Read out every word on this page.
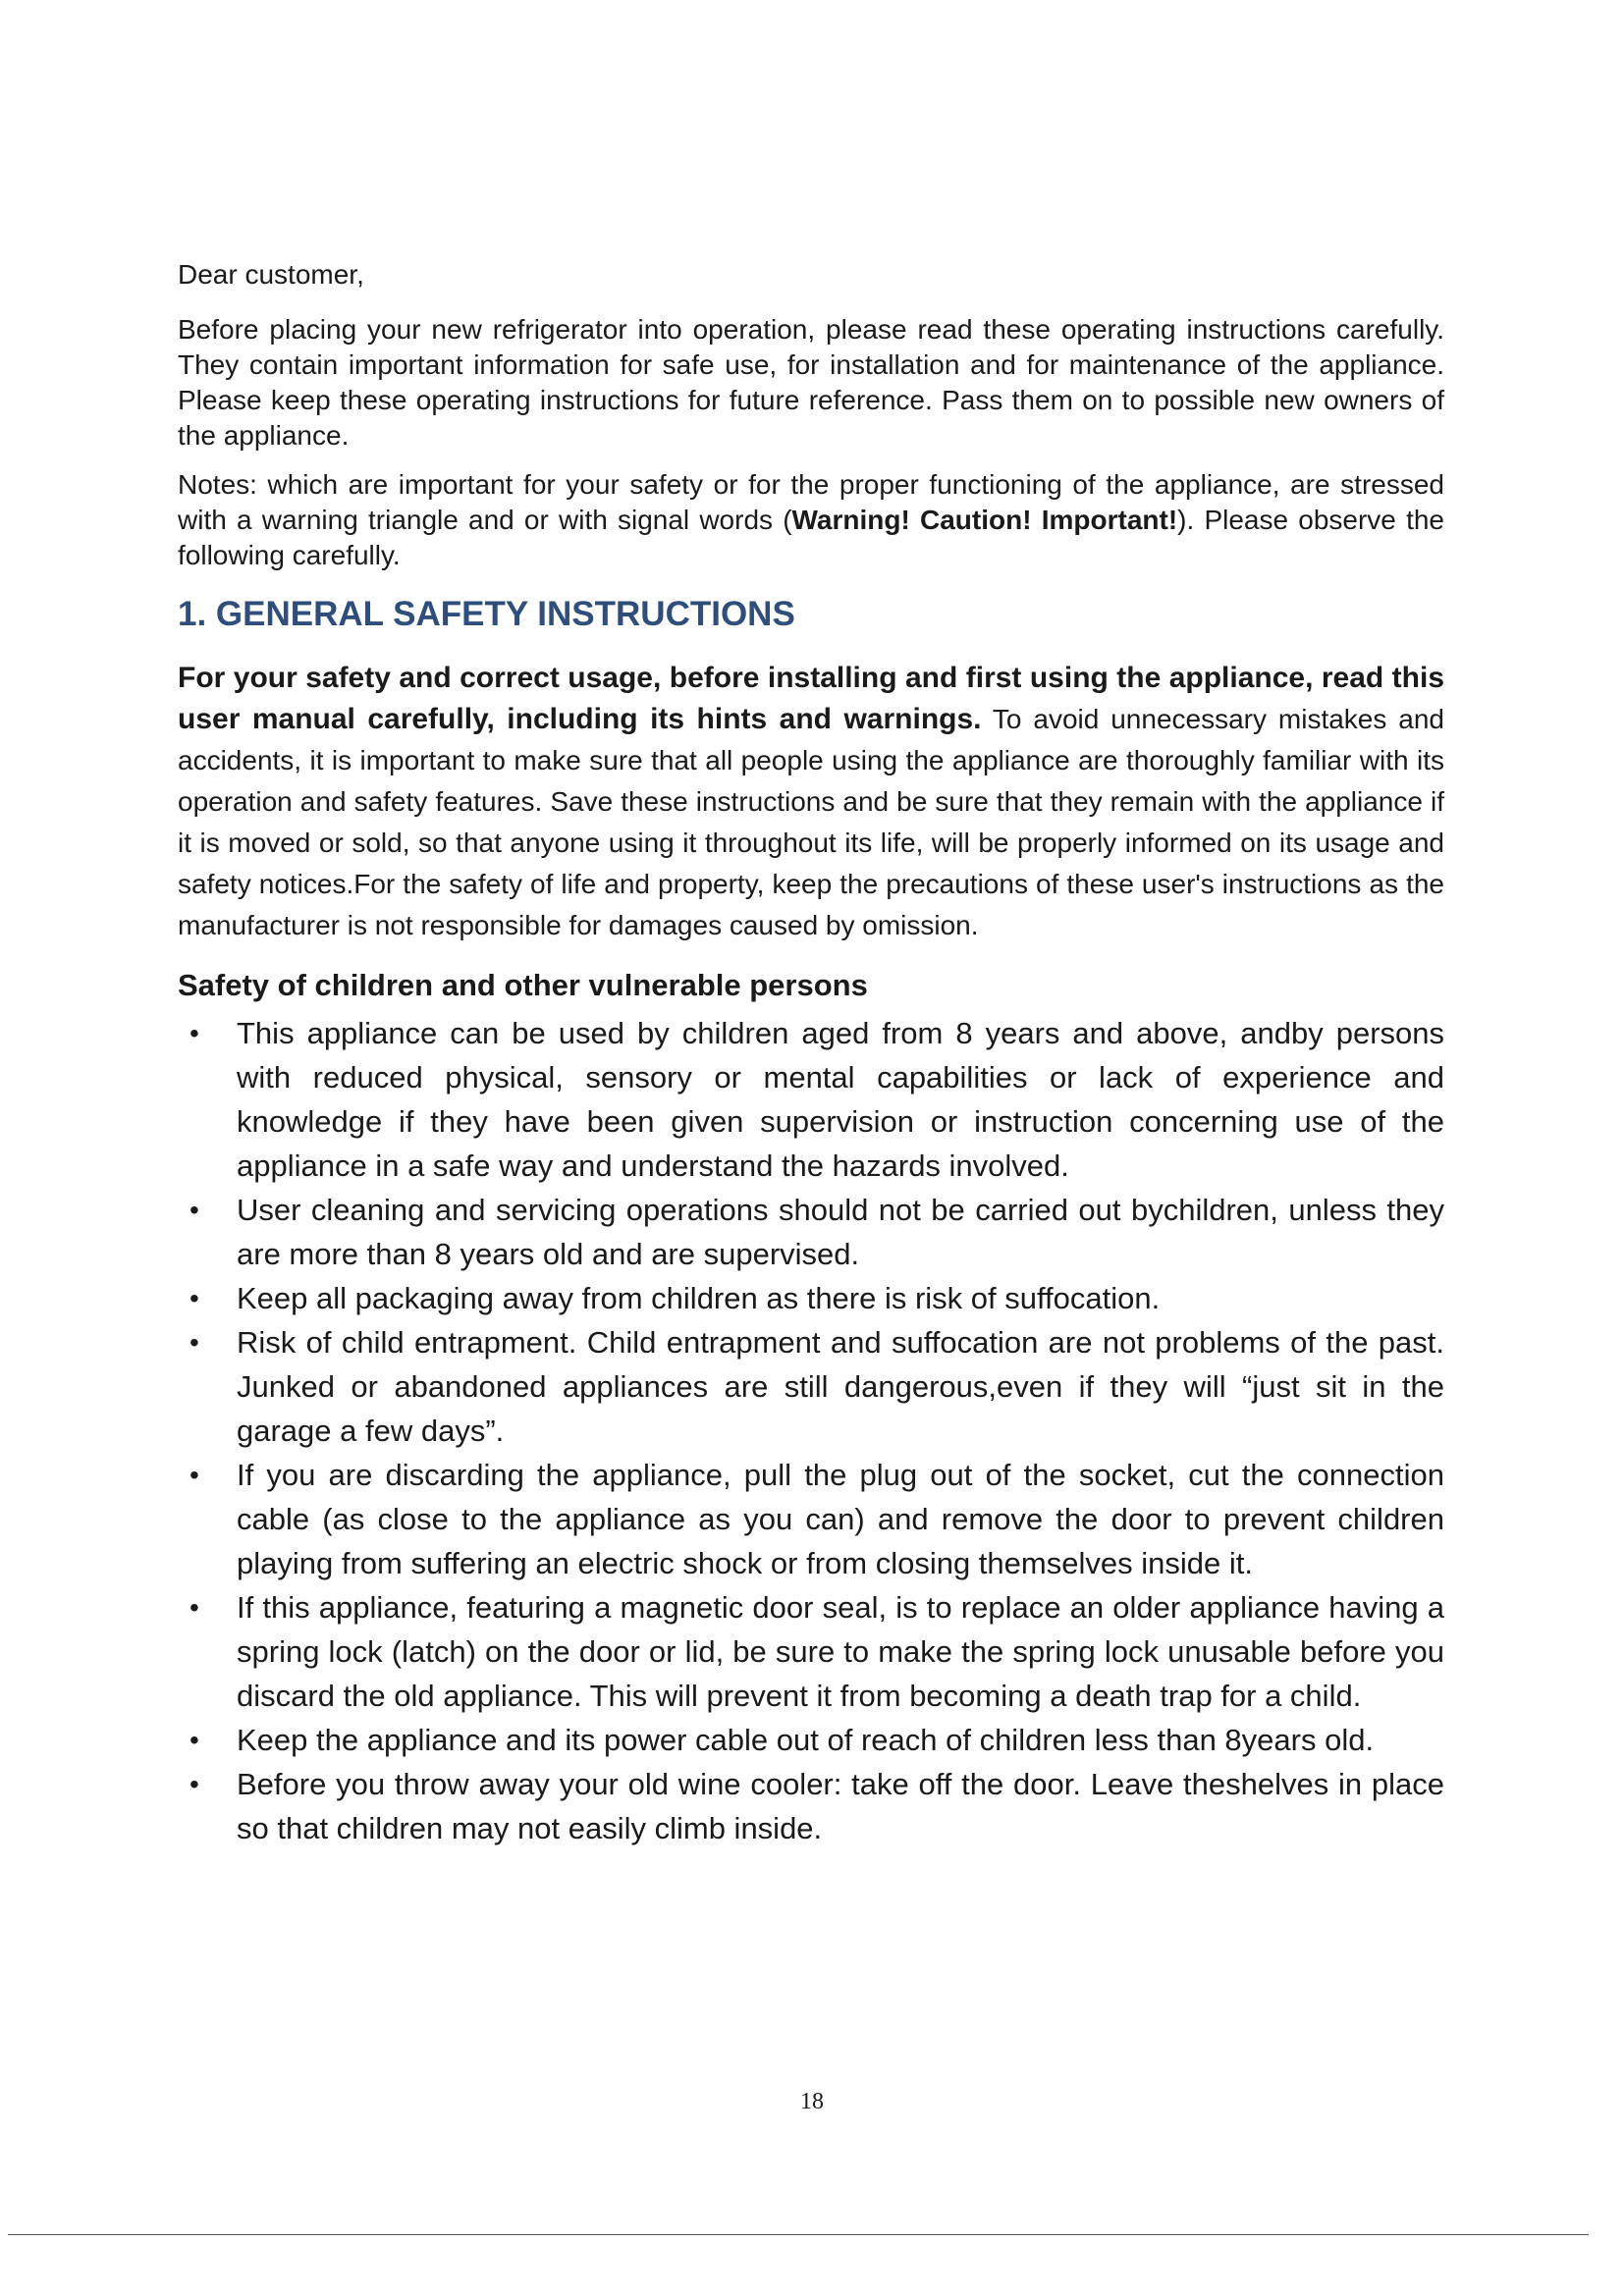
Dear customer,

Before placing your new refrigerator into operation, please read these operating instructions carefully. They contain important information for safe use, for installation and for maintenance of the appliance. Please keep these operating instructions for future reference. Pass them on to possible new owners of the appliance.

Notes: which are important for your safety or for the proper functioning of the appliance, are stressed with a warning triangle and or with signal words (Warning! Caution! Important!). Please observe the following carefully.

1. GENERAL SAFETY INSTRUCTIONS

For your safety and correct usage, before installing and first using the appliance, read this user manual carefully, including its hints and warnings. To avoid unnecessary mistakes and accidents, it is important to make sure that all people using the appliance are thoroughly familiar with its operation and safety features. Save these instructions and be sure that they remain with the appliance if it is moved or sold, so that anyone using it throughout its life, will be properly informed on its usage and safety notices.For the safety of life and property, keep the precautions of these user's instructions as the manufacturer is not responsible for damages caused by omission.

Safety of children and other vulnerable persons
• This appliance can be used by children aged from 8 years and above, andby persons with reduced physical, sensory or mental capabilities or lack of experience and knowledge if they have been given supervision or instruction concerning use of the appliance in a safe way and understand the hazards involved.
• User cleaning and servicing operations should not be carried out bychildren, unless they are more than 8 years old and are supervised.
• Keep all packaging away from children as there is risk of suffocation.
• Risk of child entrapment. Child entrapment and suffocation are not problems of the past. Junked or abandoned appliances are still dangerous,even if they will “just sit in the garage a few days”.
• If you are discarding the appliance, pull the plug out of the socket, cut the connection cable (as close to the appliance as you can) and remove the door to prevent children playing from suffering an electric shock or from closing themselves inside it.
• If this appliance, featuring a magnetic door seal, is to replace an older appliance having a spring lock (latch) on the door or lid, be sure to make the spring lock unusable before you discard the old appliance. This will prevent it from becoming a death trap for a child.
• Keep the appliance and its power cable out of reach of children less than 8years old.
• Before you throw away your old wine cooler: take off the door. Leave theshelves in place so that children may not easily climb inside.
18
